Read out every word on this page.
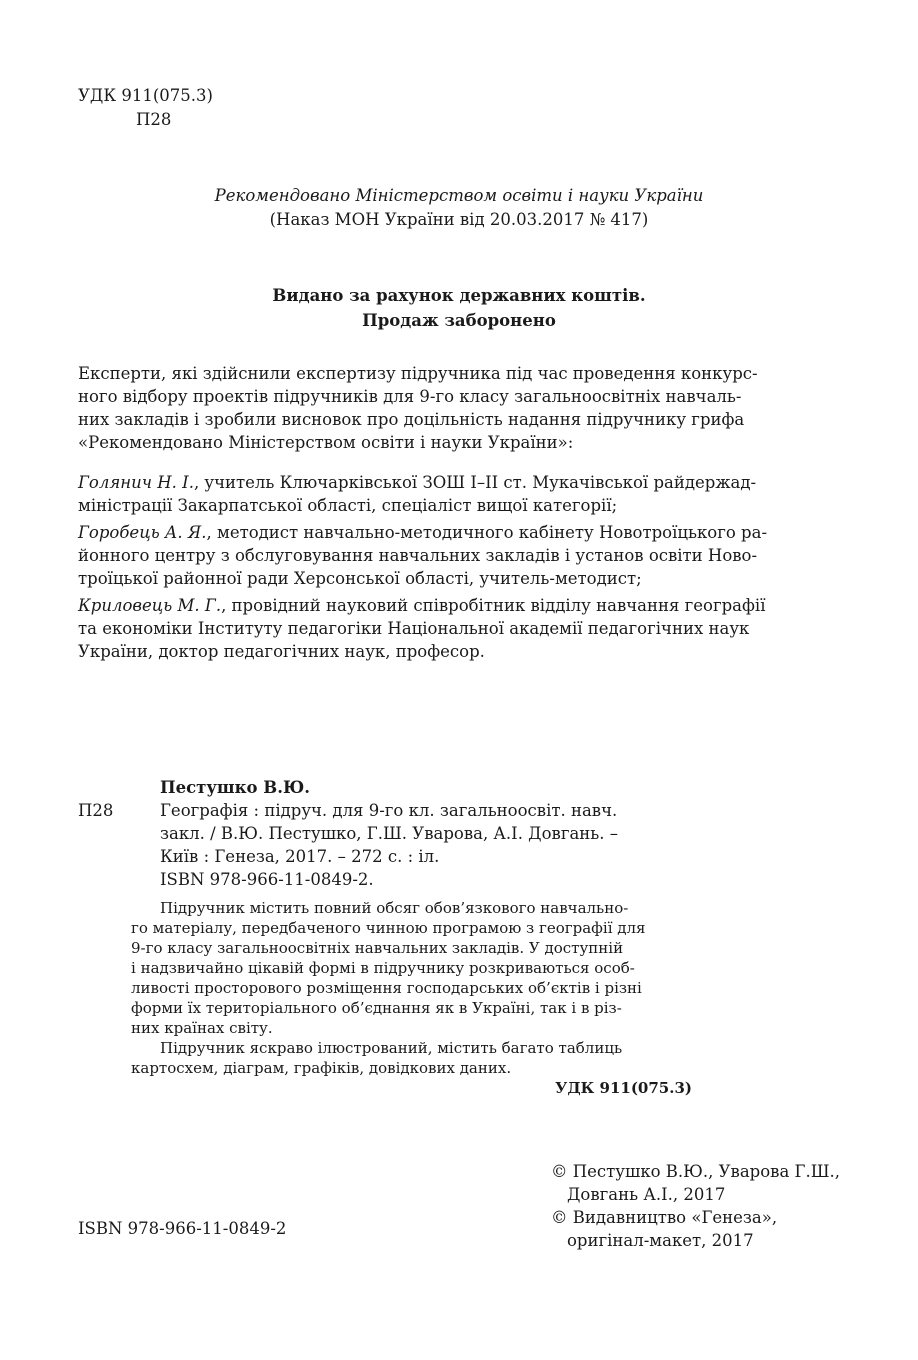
УДК 911(075.3)
П28
Рекомендовано Міністерством освіти і науки України
(Наказ МОН України від 20.03.2017 № 417)
Видано за рахунок державних коштів.
Продаж заборонено
Експерти, які здійснили експертизу підручника під час проведення конкурс-
ного відбору проектів підручників для 9-го класу загальноосвітніх навчаль-
них закладів і зробили висновок про доцільність надання підручнику грифа
«Рекомендовано Міністерством освіти і науки України»:
Голянич Н. І., учитель Ключарківської ЗОШ І–ІІ ст. Мукачівської райдержад-
міністрації Закарпатської області, спеціаліст вищої категорії;
Горобець А. Я., методист навчально-методичного кабінету Новотроїцького ра-
йонного центру з обслуговування навчальних закладів і установ освіти Ново-
троїцької районної ради Херсонської області, учитель-методист;
Криловець М. Г., провідний науковий співробітник відділу навчання географії
та економіки Інституту педагогіки Національної академії педагогічних наук
України, доктор педагогічних наук, професор.
Пестушко В.Ю.
П28	Географія : підруч. для 9-го кл. загальноосвіт. навч.
закл. / В.Ю. Пестушко, Г.Ш. Уварова, А.І. Довгань. –
Київ : Генеза, 2017. – 272 с. : іл.
ISBN 978-966-11-0849-2.
Підручник містить повний обсяг обов’язкового навчально-
го матеріалу, передбаченого чинною програмою з географії для
9-го класу загальноосвітніх навчальних закладів. У доступній
і надзвичайно цікавій формі в підручнику розкриваються особ-
ливості просторового розміщення господарських об’єктів і різні
форми їх територіального об’єднання як в Україні, так і в різ-
них країнах світу.
Підручник яскраво ілюстрований, містить багато таблиць
картосхем, діаграм, графіків, довідкових даних.
УДК 911(075.3)
© Пестушко В.Ю., Уварова Г.Ш.,
Довгань А.І., 2017
© Видавництво «Генеза»,
оригінал-макет, 2017
ISBN 978-966-11-0849-2
